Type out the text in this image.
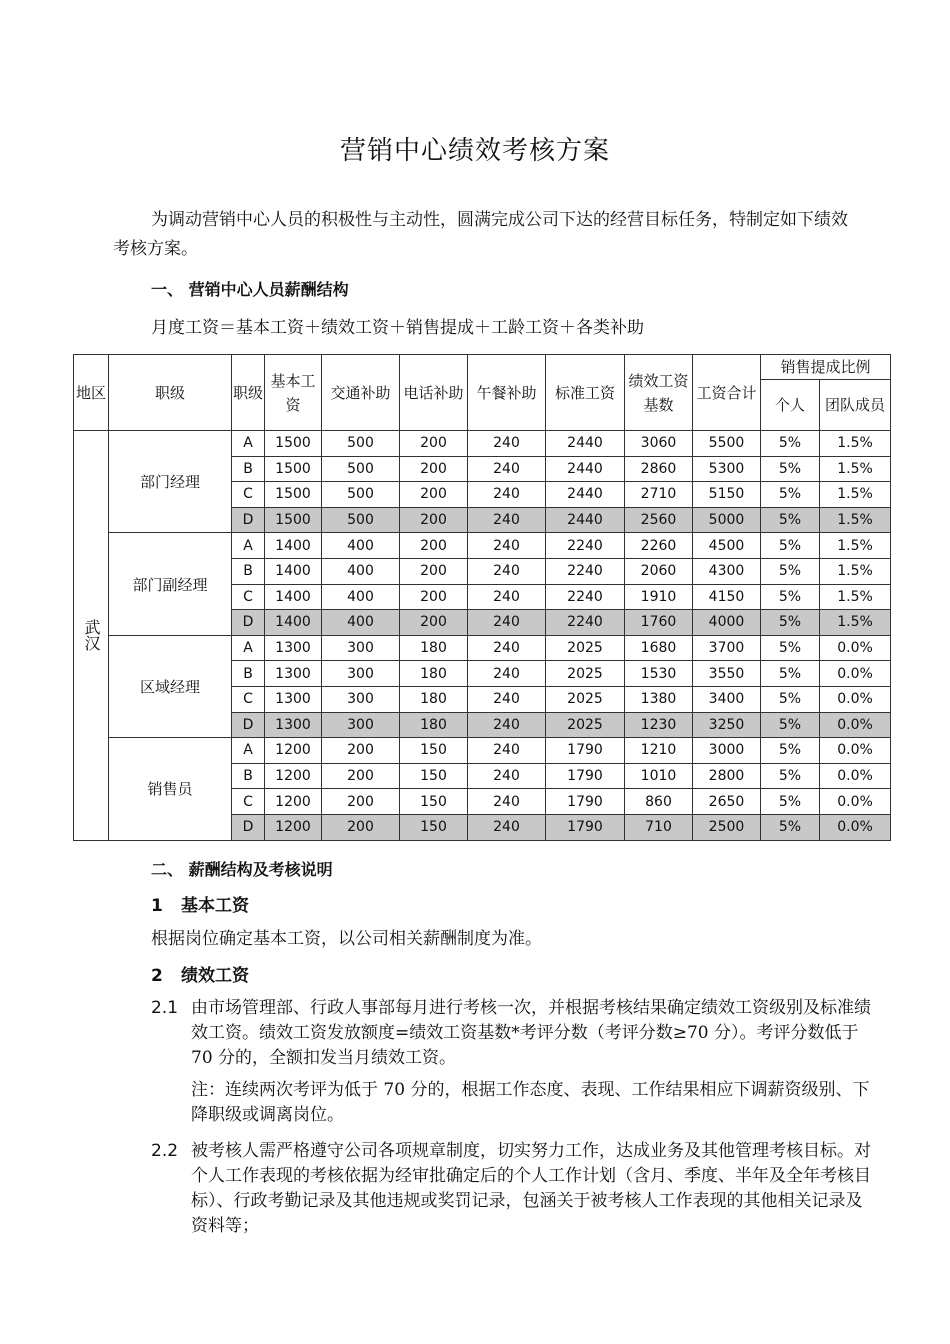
营销中心绩效考核方案
为调动营销中心人员的积极性与主动性，圆满完成公司下达的经营目标任务，特制定如下绩效考核方案。
一、 营销中心人员薪酬结构
月度工资＝基本工资＋绩效工资＋销售提成＋工龄工资＋各类补助
地区	职级	职级	基本工资	交通补助	电话补助	午餐补助	标准工资	绩效工资基数	工资合计	销售提成比例	
										个人	团队成员
武汉	部门经理	A	1500	500	200	240	2440	3060	5500	5%	1.5%
		B	1500	500	200	240	2440	2860	5300	5%	1.5%
		C	1500	500	200	240	2440	2710	5150	5%	1.5%
		D	1500	500	200	240	2440	2560	5000	5%	1.5%
	部门副经理	A	1400	400	200	240	2240	2260	4500	5%	1.5%
		B	1400	400	200	240	2240	2060	4300	5%	1.5%
		C	1400	400	200	240	2240	1910	4150	5%	1.5%
		D	1400	400	200	240	2240	1760	4000	5%	1.5%
	区域经理	A	1300	300	180	240	2025	1680	3700	5%	0.0%
		B	1300	300	180	240	2025	1530	3550	5%	0.0%
		C	1300	300	180	240	2025	1380	3400	5%	0.0%
		D	1300	300	180	240	2025	1230	3250	5%	0.0%
	销售员	A	1200	200	150	240	1790	1210	3000	5%	0.0%
		B	1200	200	150	240	1790	1010	2800	5%	0.0%
		C	1200	200	150	240	1790	860	2650	5%	0.0%
		D	1200	200	150	240	1790	710	2500	5%	0.0%
二、 薪酬结构及考核说明
1 基本工资
根据岗位确定基本工资，以公司相关薪酬制度为准。
2 绩效工资
2.1 由市场管理部、行政人事部每月进行考核一次，并根据考核结果确定绩效工资级别及标准绩效工资。绩效工资发放额度=绩效工资基数*考评分数（考评分数≥70 分）。考评分数低于 70 分的，全额扣发当月绩效工资。
注：连续两次考评为低于 70 分的，根据工作态度、表现、工作结果相应下调薪资级别、下降职级或调离岗位。
2.2 被考核人需严格遵守公司各项规章制度，切实努力工作，达成业务及其他管理考核目标。对个人工作表现的考核依据为经审批确定后的个人工作计划（含月、季度、半年及全年考核目标）、行政考勤记录及其他违规或奖罚记录，包涵关于被考核人工作表现的其他相关记录及资料等；
